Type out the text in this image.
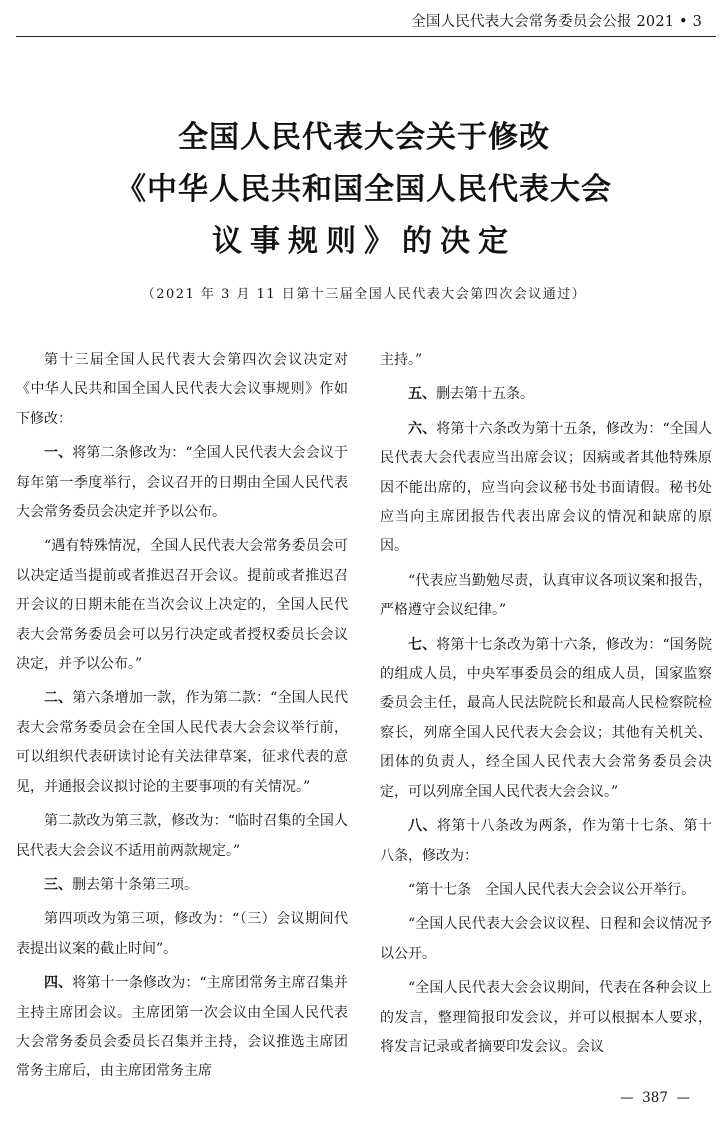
全国人民代表大会常务委员会公报 2021 • 3
全国人民代表大会关于修改
《中华人民共和国全国人民代表大会
议事规则》的决定
（2021 年 3 月 11 日第十三届全国人民代表大会第四次会议通过）

第十三届全国人民代表大会第四次会议决定对《中华人民共和国全国人民代表大会议事规则》作如下修改：

一、将第二条修改为：“全国人民代表大会会议于每年第一季度举行，会议召开的日期由全国人民代表大会常务委员会决定并予以公布。

“遇有特殊情况，全国人民代表大会常务委员会可以决定适当提前或者推迟召开会议。提前或者推迟召开会议的日期未能在当次会议上决定的，全国人民代表大会常务委员会可以另行决定或者授权委员长会议决定，并予以公布。”

二、第六条增加一款，作为第二款：“全国人民代表大会常务委员会在全国人民代表大会会议举行前，可以组织代表研读讨论有关法律草案，征求代表的意见，并通报会议拟讨论的主要事项的有关情况。”

第二款改为第三款，修改为：“临时召集的全国人民代表大会会议不适用前两款规定。”

三、删去第十条第三项。

第四项改为第三项，修改为：“（三）会议期间代表提出议案的截止时间”。

四、将第十一条修改为：“主席团常务主席召集并主持主席团会议。主席团第一次会议由全国人民代表大会常务委员会委员长召集并主持，会议推选主席团常务主席后，由主席团常务主席

主持。”

五、删去第十五条。

六、将第十六条改为第十五条，修改为：“全国人民代表大会代表应当出席会议；因病或者其他特殊原因不能出席的，应当向会议秘书处书面请假。秘书处应当向主席团报告代表出席会议的情况和缺席的原因。

“代表应当勤勉尽责，认真审议各项议案和报告，严格遵守会议纪律。”

七、将第十七条改为第十六条，修改为：“国务院的组成人员，中央军事委员会的组成人员，国家监察委员会主任，最高人民法院院长和最高人民检察院检察长，列席全国人民代表大会会议；其他有关机关、团体的负责人，经全国人民代表大会常务委员会决定，可以列席全国人民代表大会会议。”

八、将第十八条改为两条，作为第十七条、第十八条，修改为：

“第十七条　全国人民代表大会会议公开举行。

“全国人民代表大会会议议程、日程和会议情况予以公开。

“全国人民代表大会会议期间，代表在各种会议上的发言，整理简报印发会议，并可以根据本人要求，将发言记录或者摘要印发会议。会议

—  387  —
